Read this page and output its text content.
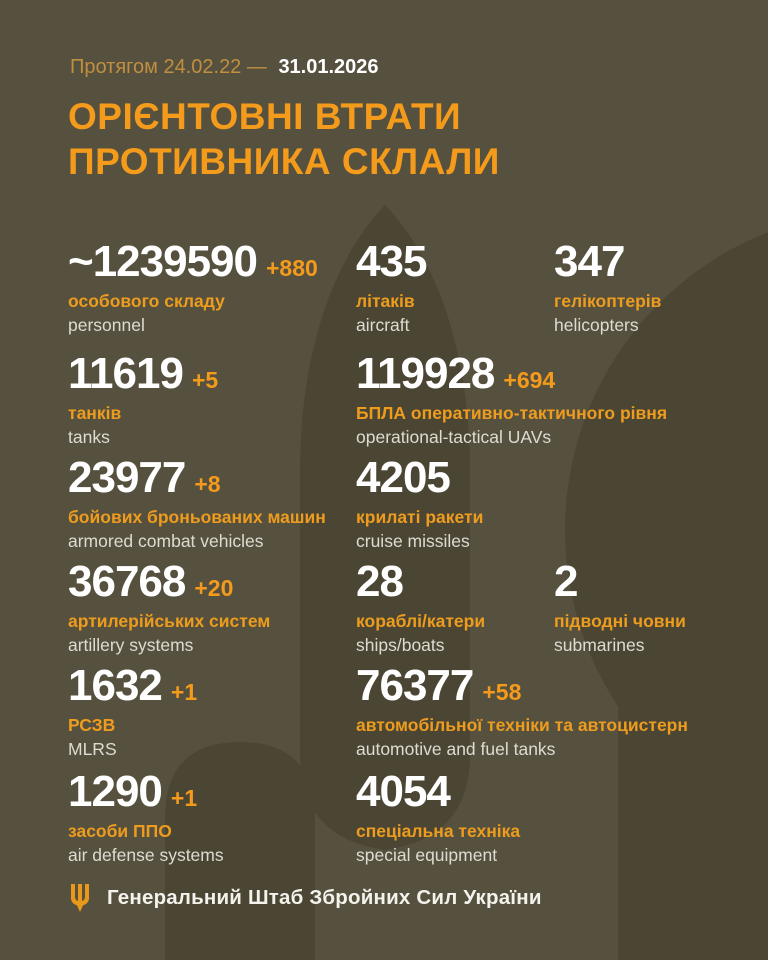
Протягом 24.02.22 — 31.01.2026
ОРІЄНТОВНІ ВТРАТИ
ПРОТИВНИКА СКЛАЛИ
~1239590 +880
особового складу
personnel
435
літаків
aircraft
347
гелікоптерів
helicopters
11619 +5
танків
tanks
119928 +694
БПЛА оперативно-тактичного рівня
operational-tactical UAVs
23977 +8
бойових броньованих машин
armored combat vehicles
4205
крилаті ракети
cruise missiles
36768 +20
артилерійських систем
artillery systems
28
кораблі/катери
ships/boats
2
підводні човни
submarines
1632 +1
РСЗВ
MLRS
76377 +58
автомобільної техніки та автоцистерн
automotive and fuel tanks
1290 +1
засоби ППО
air defense systems
4054
спеціальна техніка
special equipment
Генеральний Штаб Збройних Сил України
